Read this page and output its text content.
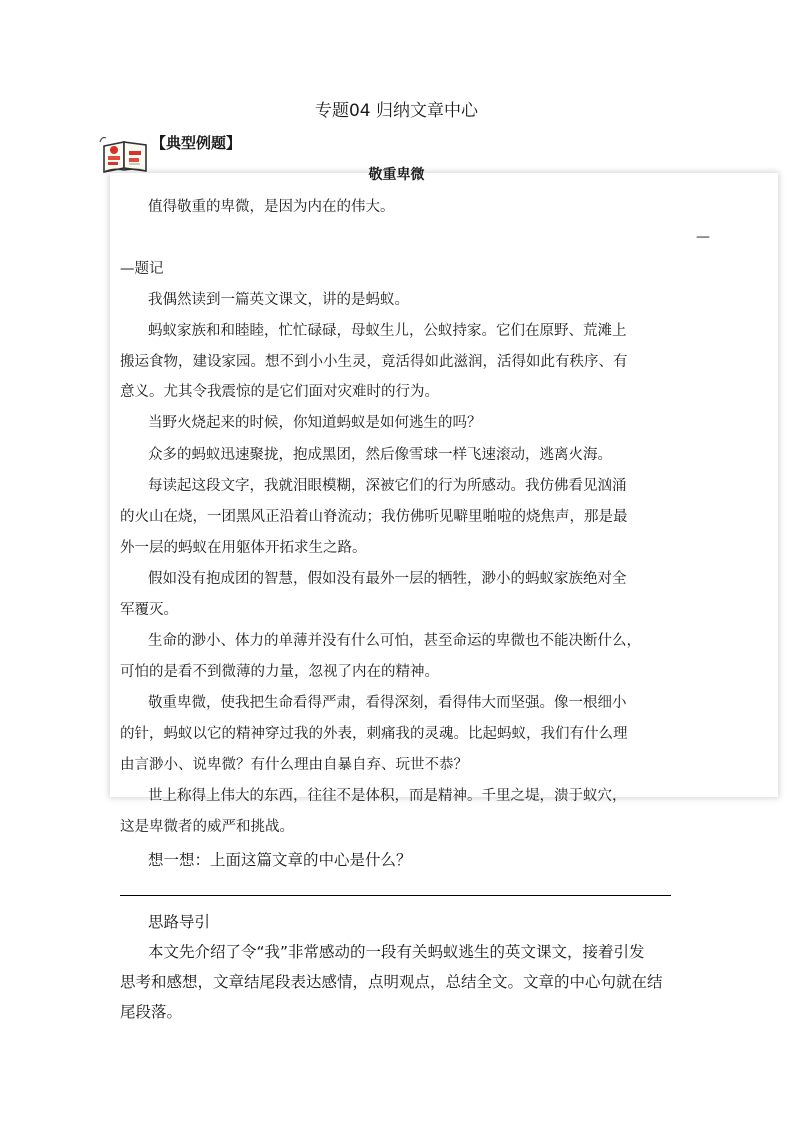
专题04 归纳文章中心
【典型例题】
敬重卑微
值得敬重的卑微，是因为内在的伟大。
—
—题记
我偶然读到一篇英文课文，讲的是蚂蚁。
蚂蚁家族和和睦睦，忙忙碌碌，母蚁生儿，公蚁持家。它们在原野、荒滩上
搬运食物，建设家园。想不到小小生灵，竟活得如此滋润，活得如此有秩序、有
意义。尤其令我震惊的是它们面对灾难时的行为。
当野火烧起来的时候，你知道蚂蚁是如何逃生的吗？
众多的蚂蚁迅速聚拢，抱成黑团，然后像雪球一样飞速滚动，逃离火海。
每读起这段文字，我就泪眼模糊，深被它们的行为所感动。我仿佛看见汹涌
的火山在烧，一团黑风正沿着山脊流动；我仿佛听见噼里啪啦的烧焦声，那是最
外一层的蚂蚁在用躯体开拓求生之路。
假如没有抱成团的智慧，假如没有最外一层的牺牲，渺小的蚂蚁家族绝对全
军覆灭。
生命的渺小、体力的单薄并没有什么可怕，甚至命运的卑微也不能决断什么，
可怕的是看不到微薄的力量，忽视了内在的精神。
敬重卑微，使我把生命看得严肃，看得深刻，看得伟大而坚强。像一根细小
的针，蚂蚁以它的精神穿过我的外表，刺痛我的灵魂。比起蚂蚁，我们有什么理
由言渺小、说卑微？有什么理由自暴自弃、玩世不恭？
世上称得上伟大的东西，往往不是体积，而是精神。千里之堤，溃于蚁穴，
这是卑微者的威严和挑战。
想一想：上面这篇文章的中心是什么？
思路导引
本文先介绍了令“我”非常感动的一段有关蚂蚁逃生的英文课文，接着引发
思考和感想，文章结尾段表达感情，点明观点，总结全文。文章的中心句就在结
尾段落。
